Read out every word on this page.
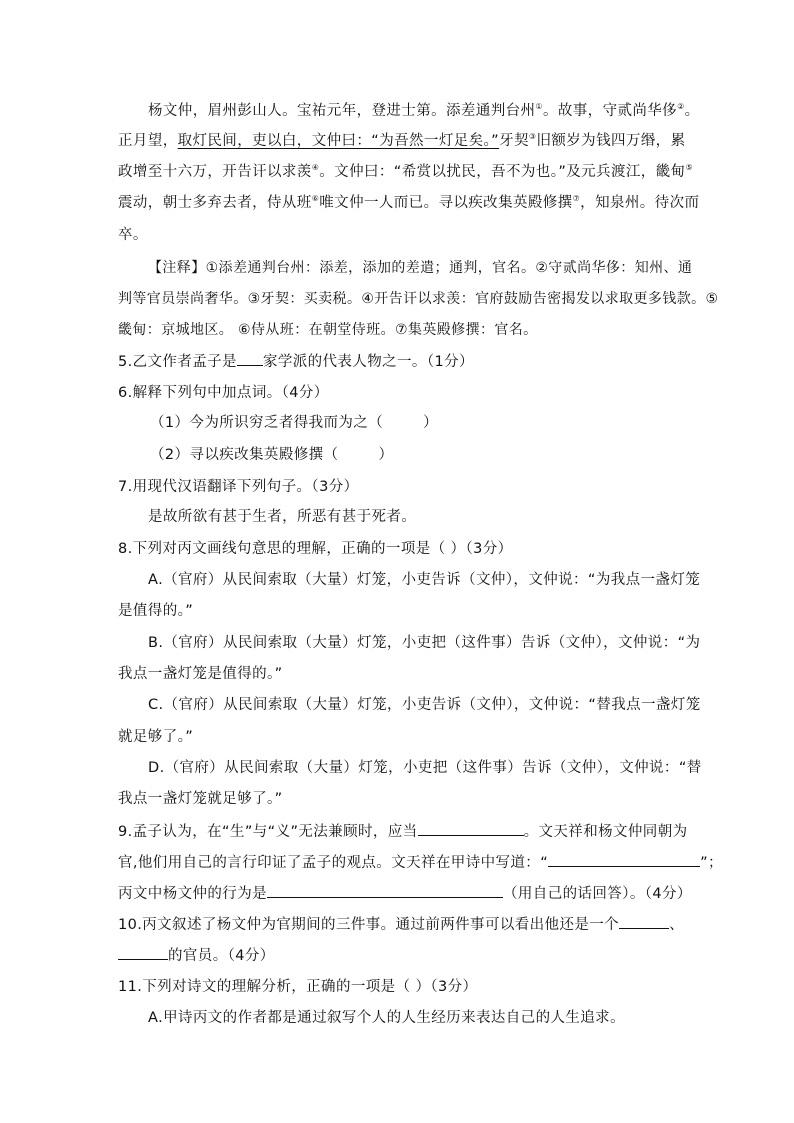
杨文仲，眉州彭山人。宝祐元年，登进士第。添差通判台州①。故事，守贰尚华侈②。
正月望，取灯民间，吏以白，文仲曰：“为吾然一灯足矣。”牙契③旧额岁为钱四万缗，累
政增至十六万，开告讦以求羡④。文仲曰：“希赏以扰民，吾不为也。”及元兵渡江，畿甸⑤
震动，朝士多弃去者，侍从班⑥唯文仲一人而已。寻以疾改集英殿修撰⑦，知泉州。待次而
卒。
【注释】①添差通判台州：添差，添加的差遣；通判，官名。②守贰尚华侈：知州、通
判等官员崇尚奢华。③牙契：买卖税。④开告讦以求羡：官府鼓励告密揭发以求取更多钱款。⑤
畿甸：京城地区。 ⑥侍从班：在朝堂侍班。⑦集英殿修撰：官名。
5.乙文作者孟子是 家学派的代表人物之一。（1分）
6.解释下列句中加点词。（4分）
（1）今为所识穷乏者得我而为之（	）
（2）寻以疾改集英殿修撰（	）
7.用现代汉语翻译下列句子。（3分）
是故所欲有甚于生者，所恶有甚于死者。
8.下列对丙文画线句意思的理解，正确的一项是（ ）（3分）
A.（官府）从民间索取（大量）灯笼，小吏告诉（文仲），文仲说：“为我点一盏灯笼
是值得的。”
B.（官府）从民间索取（大量）灯笼，小吏把（这件事）告诉（文仲），文仲说：“为
我点一盏灯笼是值得的。”
C.（官府）从民间索取（大量）灯笼，小吏告诉（文仲），文仲说：“替我点一盏灯笼
就足够了。”
D.（官府）从民间索取（大量）灯笼，小吏把（这件事）告诉（文仲），文仲说：“替
我点一盏灯笼就足够了。”
9.孟子认为，在“生”与“义”无法兼顾时，应当	。文天祥和杨文仲同朝为
官,他们用自己的言行印证了孟子的观点。文天祥在甲诗中写道：“	”；
丙文中杨文仲的行为是	（用自己的话回答）。（4分）
10.丙文叙述了杨文仲为官期间的三件事。通过前两件事可以看出他还是一个	、
的官员。（4分）
11.下列对诗文的理解分析，正确的一项是（ ）（3分）
A.甲诗丙文的作者都是通过叙写个人的人生经历来表达自己的人生追求。
